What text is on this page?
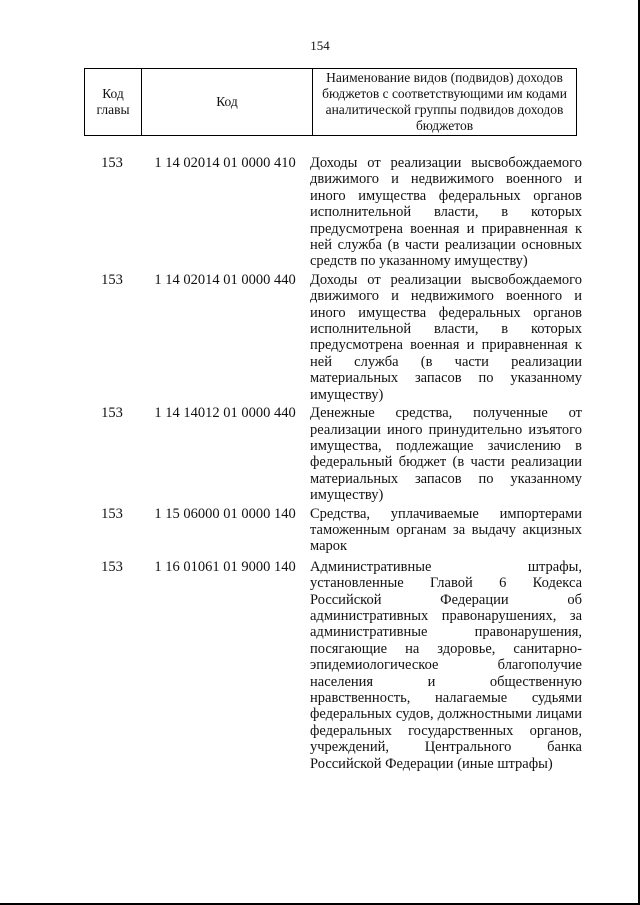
154
Код главы	Код	Наименование видов (подвидов) доходов бюджетов с соответствующими им кодами аналитической группы подвидов доходов бюджетов
153	1 14 02014 01 0000 410 Доходы от реализации высвобождаемого движимого и недвижимого военного и иного имущества федеральных органов исполнительной власти, в которых предусмотрена военная и приравненная к ней служба (в части реализации основных средств по указанному имуществу)
153	1 14 02014 01 0000 440 Доходы от реализации высвобождаемого движимого и недвижимого военного и иного имущества федеральных органов исполнительной власти, в которых предусмотрена военная и приравненная к ней служба (в части реализации материальных запасов по указанному имуществу)
153	1 14 14012 01 0000 440 Денежные средства, полученные от реализации иного принудительно изъятого имущества, подлежащие зачислению в федеральный бюджет (в части реализации материальных запасов по указанному имуществу)
153	1 15 06000 01 0000 140 Средства, уплачиваемые импортерами таможенным органам за выдачу акцизных марок
153	1 16 01061 01 9000 140 Административные штрафы, установленные Главой 6 Кодекса Российской Федерации об административных правонарушениях, за административные правонарушения, посягающие на здоровье, санитарно-эпидемиологическое благополучие населения и общественную нравственность, налагаемые судьями федеральных судов, должностными лицами федеральных государственных органов, учреждений, Центрального банка Российской Федерации (иные штрафы)
